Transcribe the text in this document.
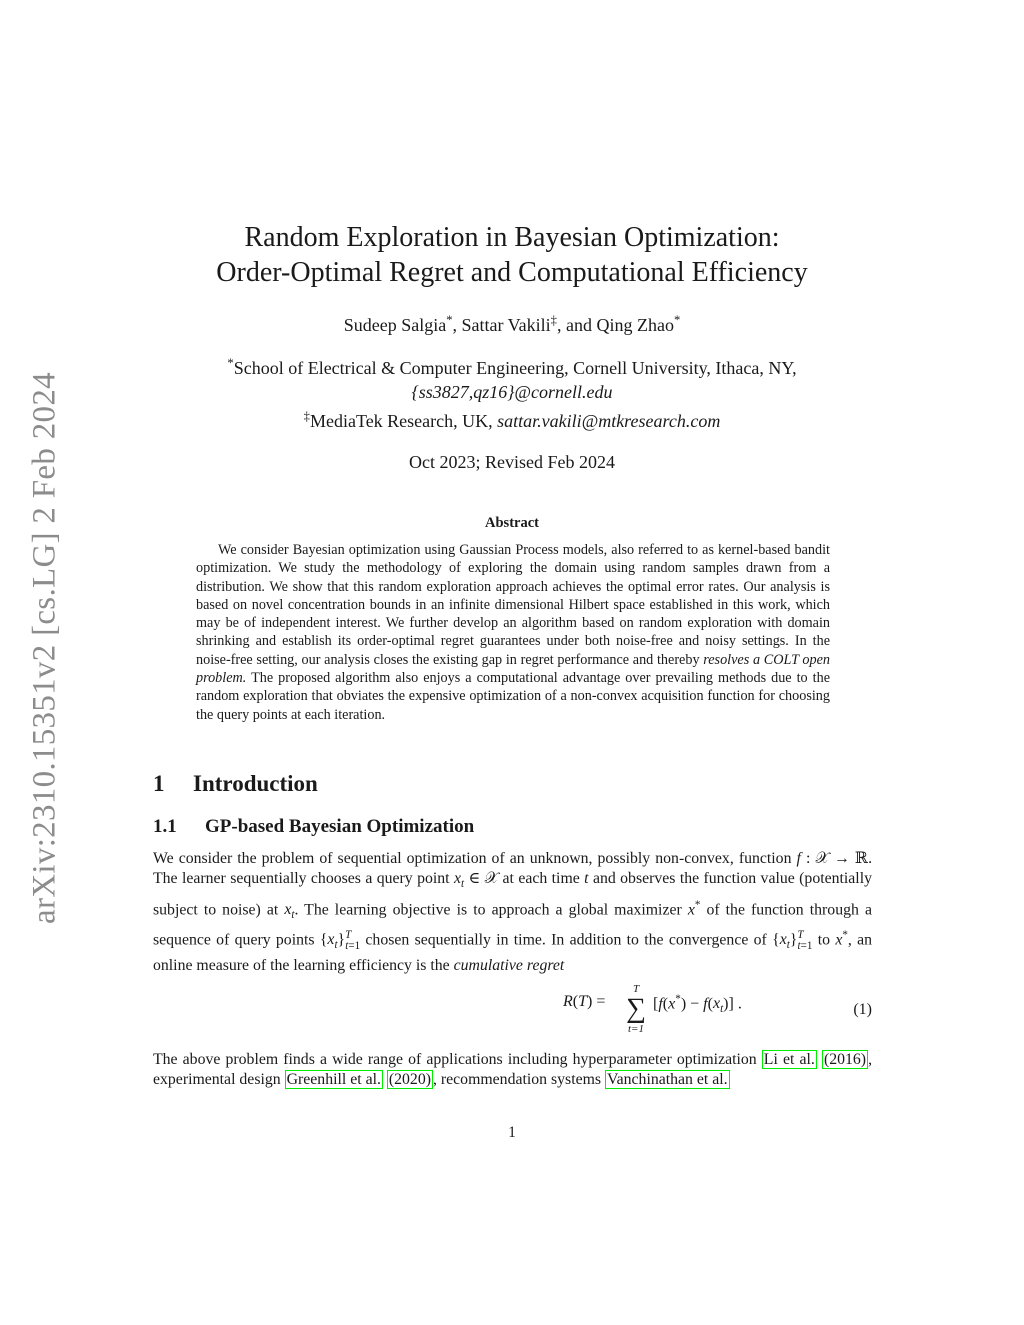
arXiv:2310.15351v2 [cs.LG] 2 Feb 2024
Random Exploration in Bayesian Optimization:
Order-Optimal Regret and Computational Efficiency
Sudeep Salgia*, Sattar Vakili‡, and Qing Zhao*
*School of Electrical & Computer Engineering, Cornell University, Ithaca, NY,
{ss3827,qz16}@cornell.edu
‡MediaTek Research, UK, sattar.vakili@mtkresearch.com
Oct 2023; Revised Feb 2024
Abstract
We consider Bayesian optimization using Gaussian Process models, also referred to as kernel-based bandit optimization. We study the methodology of exploring the domain using random samples drawn from a distribution. We show that this random exploration approach achieves the optimal error rates. Our analysis is based on novel concentration bounds in an infinite dimensional Hilbert space established in this work, which may be of independent interest. We further develop an algorithm based on random exploration with domain shrinking and establish its order-optimal regret guarantees under both noise-free and noisy settings. In the noise-free setting, our analysis closes the existing gap in regret performance and thereby resolves a COLT open problem. The proposed algorithm also enjoys a computational advantage over prevailing methods due to the random exploration that obviates the expensive optimization of a non-convex acquisition function for choosing the query points at each iteration.
1 Introduction
1.1 GP-based Bayesian Optimization
We consider the problem of sequential optimization of an unknown, possibly non-convex, function f : 𝒳 → ℝ. The learner sequentially chooses a query point $x_t$ ∈ 𝒳 at each time t and observes the function value (potentially subject to noise) at $x_t$. The learning objective is to approach a global maximizer x* of the function through a sequence of query points $\{x_t\}^T_{t=1}$ chosen sequentially in time. In addition to the convergence of $\{x_t\}^T_{t=1}$ to x*, an online measure of the learning efficiency is the cumulative regret
R(T) =
T
∑
t=1
$[f(x^*) - f(x_t)]$ .	(1)
The above problem finds a wide range of applications including hyperparameter optimization Li et al. (2016) , experimental design Greenhill et al. (2020) , recommendation systems Vanchinathan et al.
1
